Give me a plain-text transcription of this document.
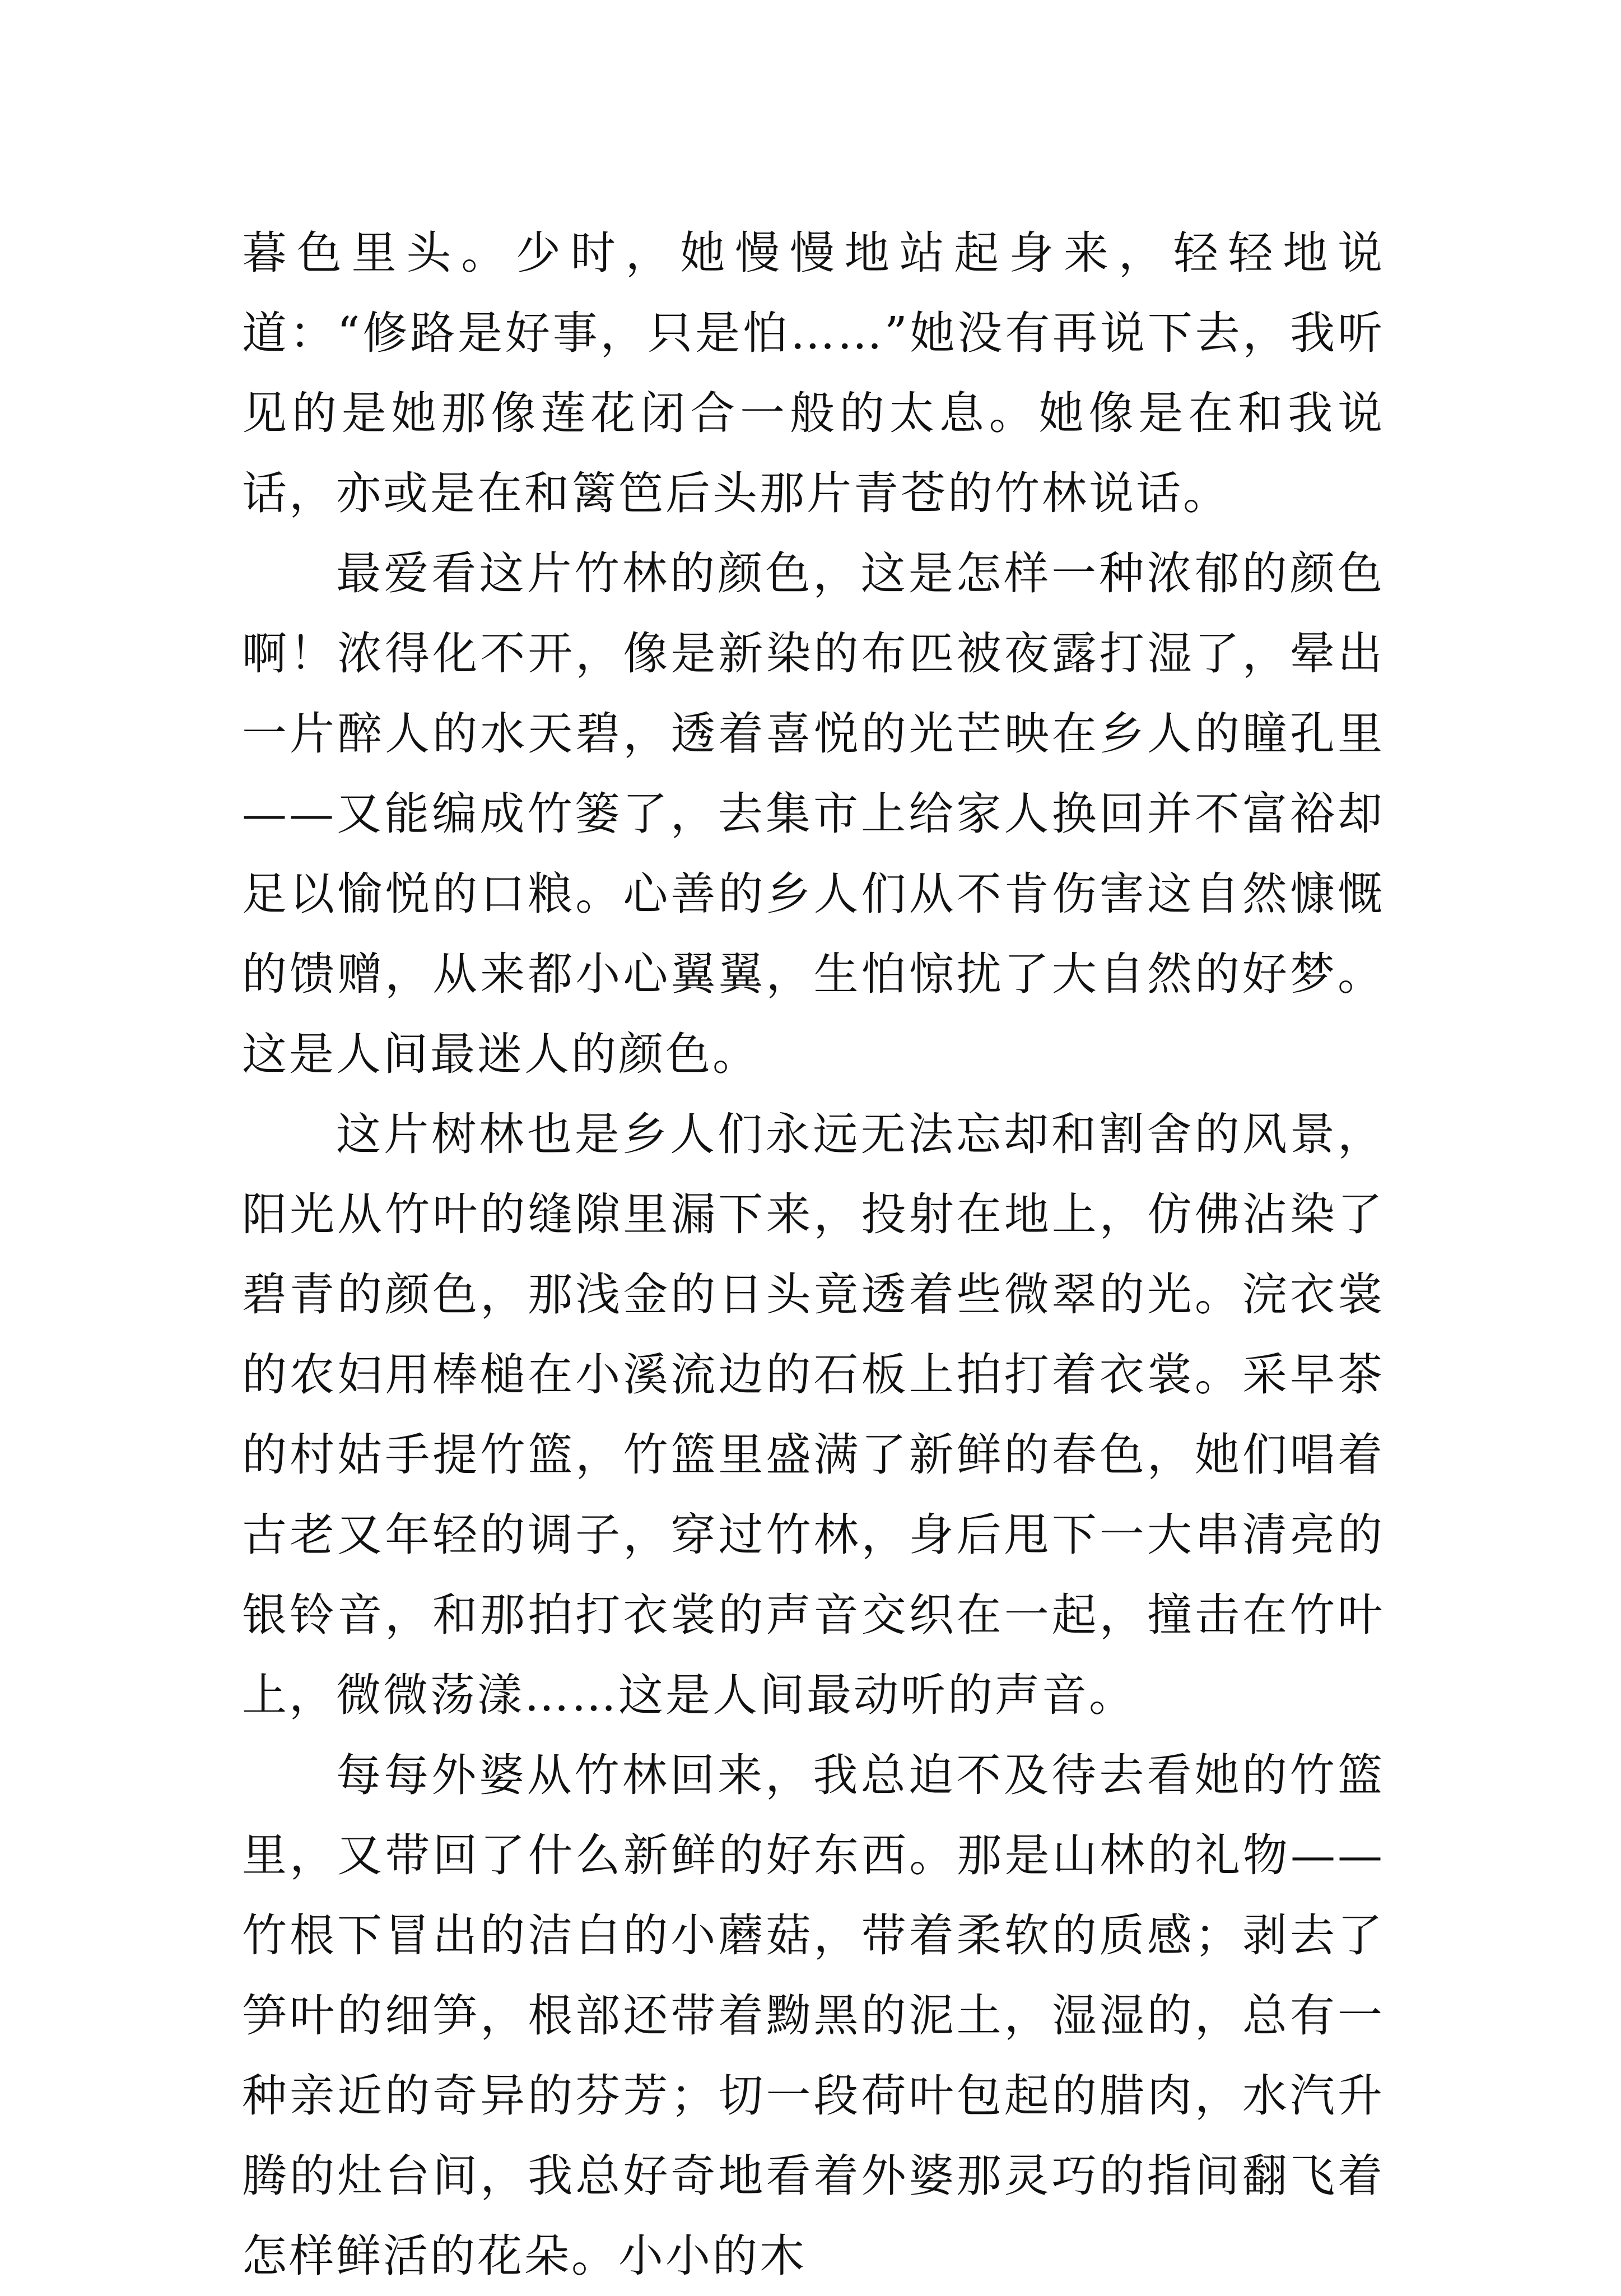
暮色里头。少时，她慢慢地站起身来，轻轻地说道：“修路是好事，只是怕……”她没有再说下去，我听见的是她那像莲花闭合一般的太息。她像是在和我说话，亦或是在和篱笆后头那片青苍的竹林说话。

最爱看这片竹林的颜色，这是怎样一种浓郁的颜色啊！浓得化不开，像是新染的布匹被夜露打湿了，晕出一片醉人的水天碧，透着喜悦的光芒映在乡人的瞳孔里——又能编成竹篓了，去集市上给家人换回并不富裕却足以愉悦的口粮。心善的乡人们从不肯伤害这自然慷慨的馈赠，从来都小心翼翼，生怕惊扰了大自然的好梦。这是人间最迷人的颜色。

这片树林也是乡人们永远无法忘却和割舍的风景，阳光从竹叶的缝隙里漏下来，投射在地上，仿佛沾染了碧青的颜色，那浅金的日头竟透着些微翠的光。浣衣裳的农妇用棒槌在小溪流边的石板上拍打着衣裳。采早茶的村姑手提竹篮，竹篮里盛满了新鲜的春色，她们唱着古老又年轻的调子，穿过竹林，身后甩下一大串清亮的银铃音，和那拍打衣裳的声音交织在一起，撞击在竹叶上，微微荡漾……这是人间最动听的声音。

每每外婆从竹林回来，我总迫不及待去看她的竹篮里，又带回了什么新鲜的好东西。那是山林的礼物——竹根下冒出的洁白的小蘑菇，带着柔软的质感；剥去了笋叶的细笋，根部还带着黝黑的泥土，湿湿的，总有一种亲近的奇异的芬芳；切一段荷叶包起的腊肉，水汽升腾的灶台间，我总好奇地看着外婆那灵巧的指间翻飞着怎样鲜活的花朵。小小的木
